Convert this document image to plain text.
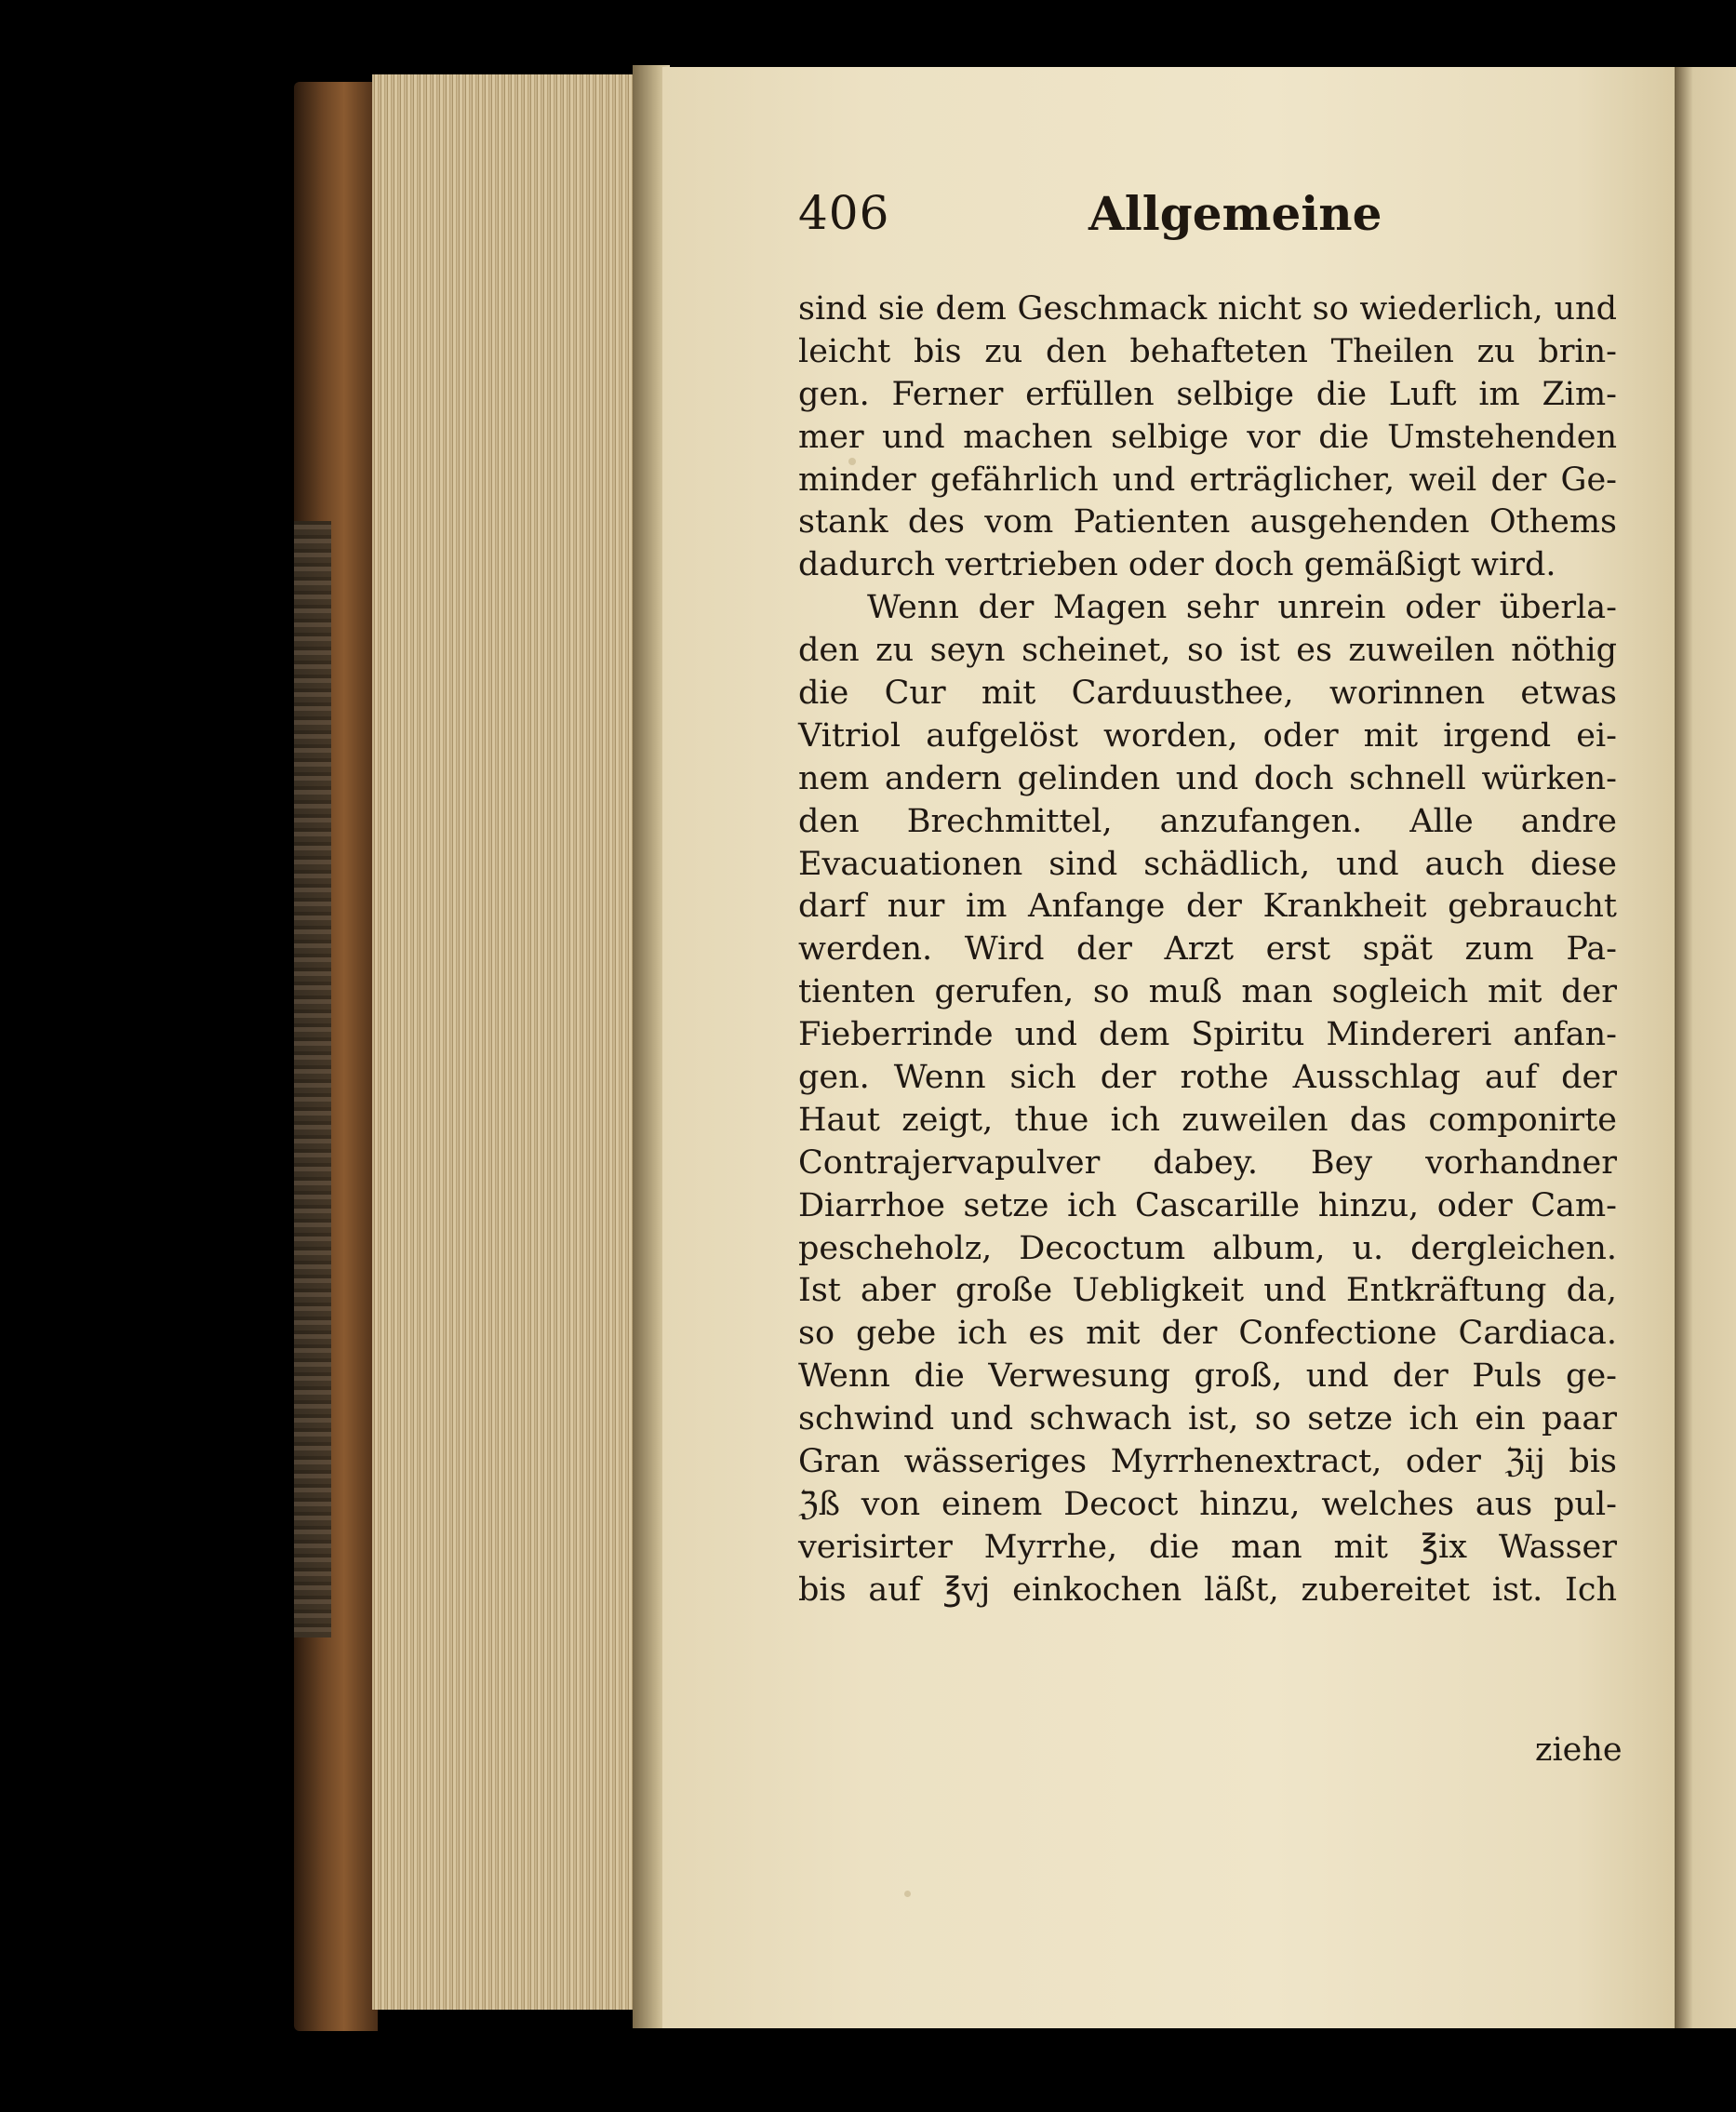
406	Allgemeine
sind sie dem Geschmack nicht so wiederlich, und
leicht bis zu den behafteten Theilen zu brin-
gen. Ferner erfüllen selbige die Luft im Zim-
mer und machen selbige vor die Umstehenden
minder gefährlich und erträglicher, weil der Ge-
stank des vom Patienten ausgehenden Othems
dadurch vertrieben oder doch gemäßigt wird.
Wenn der Magen sehr unrein oder überla-
den zu seyn scheinet, so ist es zuweilen nöthig
die Cur mit Carduusthee, worinnen etwas
Vitriol aufgelöst worden, oder mit irgend ei-
nem andern gelinden und doch schnell würken-
den Brechmittel, anzufangen. Alle andre
Evacuationen sind schädlich, und auch diese
darf nur im Anfange der Krankheit gebraucht
werden. Wird der Arzt erst spät zum Pa-
tienten gerufen, so muß man sogleich mit der
Fieberrinde und dem Spiritu Mindereri anfan-
gen. Wenn sich der rothe Ausschlag auf der
Haut zeigt, thue ich zuweilen das componirte
Contrajervapulver dabey. Bey vorhandner
Diarrhoe setze ich Cascarille hinzu, oder Cam-
pescheholz, Decoctum album, u. dergleichen.
Ist aber große Uebligkeit und Entkräftung da,
so gebe ich es mit der Confectione Cardiaca.
Wenn die Verwesung groß, und der Puls ge-
schwind und schwach ist, so setze ich ein paar
Gran wässeriges Myrrhenextract, oder ℨij bis
ℨß von einem Decoct hinzu, welches aus pul-
verisirter Myrrhe, die man mit ℥ix Wasser
bis auf ℥vj einkochen läßt, zubereitet ist. Ich
ziehe
